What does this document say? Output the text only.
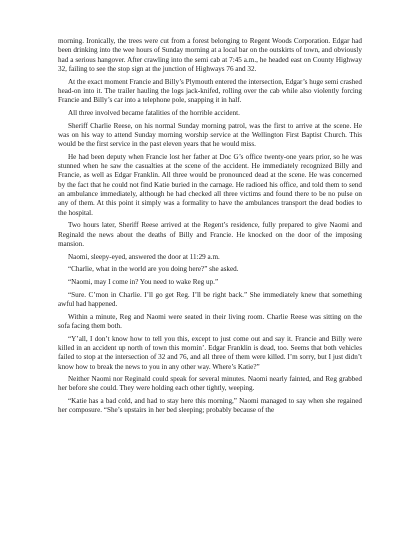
morning. Ironically, the trees were cut from a forest belonging to Regent Woods Corporation. Edgar had been drinking into the wee hours of Sunday morning at a local bar on the outskirts of town, and obviously had a serious hangover. After crawling into the semi cab at 7:45 a.m., he headed east on County Highway 32, failing to see the stop sign at the junction of Highways 76 and 32.

At the exact moment Francie and Billy’s Plymouth entered the intersection, Edgar’s huge semi crashed head-on into it. The trailer hauling the logs jack-knifed, rolling over the cab while also violently forcing Francie and Billy’s car into a telephone pole, snapping it in half.

All three involved became fatalities of the horrible accident.

Sheriff Charlie Reese, on his normal Sunday morning patrol, was the first to arrive at the scene. He was on his way to attend Sunday morning worship service at the Wellington First Baptist Church. This would be the first service in the past eleven years that he would miss.

He had been deputy when Francie lost her father at Doc G’s office twenty-one years prior, so he was stunned when he saw the casualties at the scene of the accident. He immediately recognized Billy and Francie, as well as Edgar Franklin. All three would be pronounced dead at the scene. He was concerned by the fact that he could not find Katie buried in the carnage. He radioed his office, and told them to send an ambulance immediately, although he had checked all three victims and found there to be no pulse on any of them. At this point it simply was a formality to have the ambulances transport the dead bodies to the hospital.

Two hours later, Sheriff Reese arrived at the Regent’s residence, fully prepared to give Naomi and Reginald the news about the deaths of Billy and Francie. He knocked on the door of the imposing mansion.

Naomi, sleepy-eyed, answered the door at 11:29 a.m.

“Charlie, what in the world are you doing here?” she asked.

“Naomi, may I come in? You need to wake Reg up.”

“Sure. C’mon in Charlie. I’ll go get Reg. I’ll be right back.” She immediately knew that something awful had happened.

Within a minute, Reg and Naomi were seated in their living room. Charlie Reese was sitting on the sofa facing them both.

“Y’all, I don’t know how to tell you this, except to just come out and say it. Francie and Billy were killed in an accident up north of town this mornin’. Edgar Franklin is dead, too. Seems that both vehicles failed to stop at the intersection of 32 and 76, and all three of them were killed. I’m sorry, but I just didn’t know how to break the news to you in any other way. Where’s Katie?”

Neither Naomi nor Reginald could speak for several minutes. Naomi nearly fainted, and Reg grabbed her before she could. They were holding each other tightly, weeping.

“Katie has a bad cold, and had to stay here this morning,” Naomi managed to say when she regained her composure. “She’s upstairs in her bed sleeping; probably because of the
